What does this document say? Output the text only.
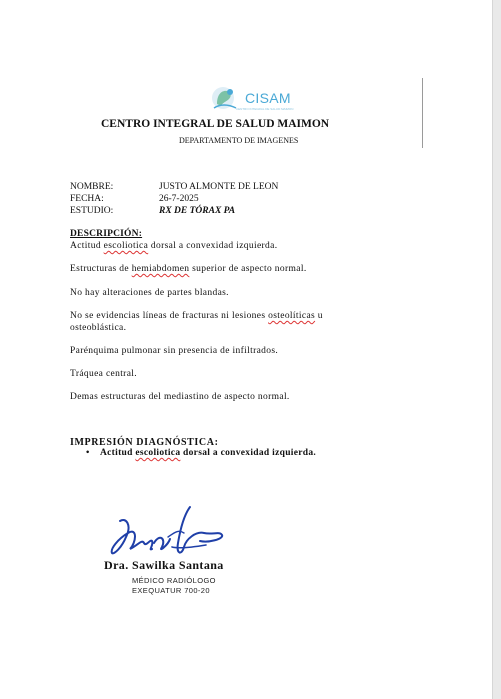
CISAM
CENTRO INTEGRAL DE SALUD MAIMON
CENTRO INTEGRAL DE SALUD MAIMON
DEPARTAMENTO DE IMAGENES
NOMBRE:	JUSTO ALMONTE DE LEON
FECHA:	26-7-2025
ESTUDIO:	RX DE TÓRAX PA
DESCRIPCIÓN:
Actitud escoliotica dorsal a convexidad izquierda.
Estructuras de hemiabdomen superior de aspecto normal.
No hay alteraciones de partes blandas.
No se evidencias líneas de fracturas ni lesiones osteolíticas u osteoblástica.
Parénquima pulmonar sin presencia de infiltrados.
Tráquea central.
Demas estructuras del mediastino de aspecto normal.
IMPRESIÓN DIAGNÓSTICA:
• Actitud escoliotica dorsal a convexidad izquierda.
Dra. Sawilka Santana
MÉDICO RADIÓLOGO
EXEQUATUR 700-20
